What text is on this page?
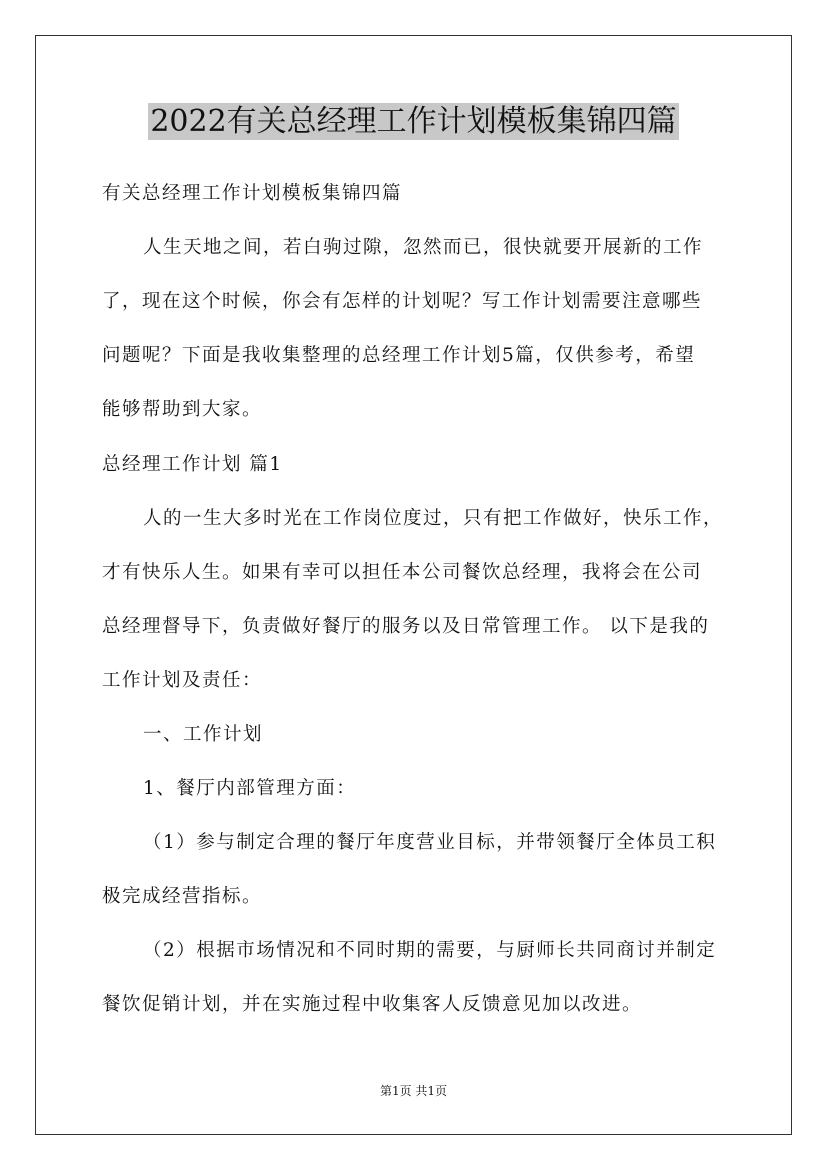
2022有关总经理工作计划模板集锦四篇
有关总经理工作计划模板集锦四篇
人生天地之间，若白驹过隙，忽然而已，很快就要开展新的工作
了，现在这个时候，你会有怎样的计划呢？写工作计划需要注意哪些
问题呢？下面是我收集整理的总经理工作计划5篇，仅供参考，希望
能够帮助到大家。
总经理工作计划 篇1
人的一生大多时光在工作岗位度过，只有把工作做好，快乐工作，
才有快乐人生。如果有幸可以担任本公司餐饮总经理，我将会在公司
总经理督导下，负责做好餐厅的服务以及日常管理工作。 以下是我的
工作计划及责任：
一、工作计划
1、餐厅内部管理方面：
（1）参与制定合理的餐厅年度营业目标，并带领餐厅全体员工积
极完成经营指标。
（2）根据市场情况和不同时期的需要，与厨师长共同商讨并制定
餐饮促销计划，并在实施过程中收集客人反馈意见加以改进。
第1页 共1页
